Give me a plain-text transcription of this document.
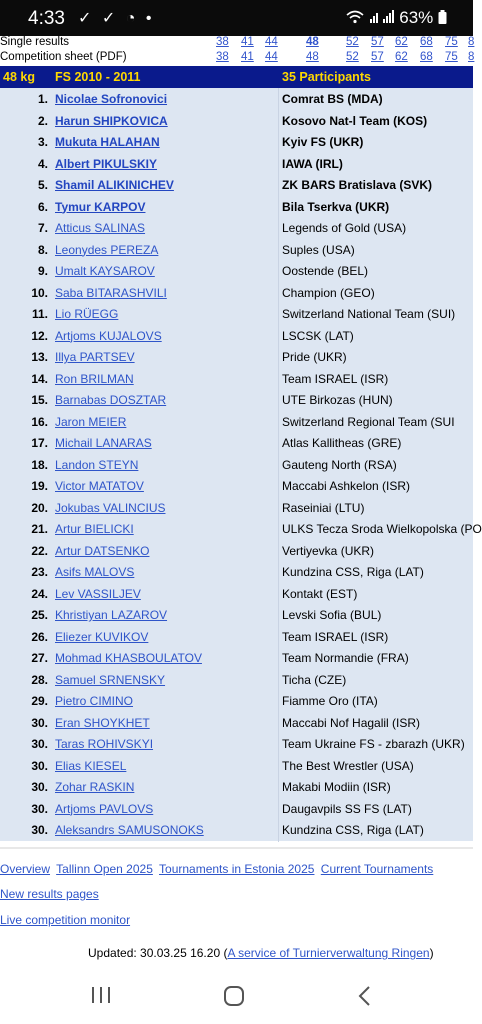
4:33 ✓ ✓ ◔ •	63%
Single results	38 41 44 48 52 57 62 68 75 8
Competition sheet (PDF)	38 41 44 48 52 57 62 68 75 8
48 kg FS 2010 - 2011	35 Participants
1. Nicolae Sofronovici	Comrat BS (MDA)
2. Harun SHIPKOVICA	Kosovo Nat-l Team (KOS)
3. Mukuta HALAHAN	Kyiv FS (UKR)
4. Albert PIKULSKIY	IAWA (IRL)
5. Shamil ALIKINICHEV	ZK BARS Bratislava (SVK)
6. Tymur KARPOV	Bila Tserkva (UKR)
7. Atticus SALINAS	Legends of Gold (USA)
8. Leonydes PEREZA	Suples (USA)
9. Umalt KAYSAROV	Oostende (BEL)
10. Saba BITARASHVILI	Champion (GEO)
11. Lio RÜEGG	Switzerland National Team (SUI)
12. Artjoms KUJALOVS	LSCSK (LAT)
13. Illya PARTSEV	Pride (UKR)
14. Ron BRILMAN	Team ISRAEL (ISR)
15. Barnabas DOSZTAR	UTE Birkozas (HUN)
16. Jaron MEIER	Switzerland Regional Team (SUI
17. Michail LANARAS	Atlas Kallitheas (GRE)
18. Landon STEYN	Gauteng North (RSA)
19. Victor MATATOV	Maccabi Ashkelon (ISR)
20. Jokubas VALINCIUS	Raseiniai (LTU)
21. Artur BIELICKI	ULKS Tecza Sroda Wielkopolska (PO
22. Artur DATSENKO	Vertiyevka (UKR)
23. Asifs MALOVS	Kundzina CSS, Riga (LAT)
24. Lev VASSILJEV	Kontakt (EST)
25. Khristiyan LAZAROV	Levski Sofia (BUL)
26. Eliezer KUVIKOV	Team ISRAEL (ISR)
27. Mohmad KHASBOULATOV	Team Normandie (FRA)
28. Samuel SRNENSKY	Ticha (CZE)
29. Pietro CIMINO	Fiamme Oro (ITA)
30. Eran SHOYKHET	Maccabi Nof Hagalil (ISR)
30. Taras ROHIVSKYI	Team Ukraine FS - zbarazh (UKR)
30. Elias KIESEL	The Best Wrestler (USA)
30. Zohar RASKIN	Makabi Modiin (ISR)
30. Artjoms PAVLOVS	Daugavpils SS FS (LAT)
30. Aleksandrs SAMUSONOKS	Kundzina CSS, Riga (LAT)
Overview Tallinn Open 2025 Tournaments in Estonia 2025 Current Tournaments
New results pages
Live competition monitor
Updated: 30.03.25 16.20 (A service of Turnierverwaltung Ringen)
